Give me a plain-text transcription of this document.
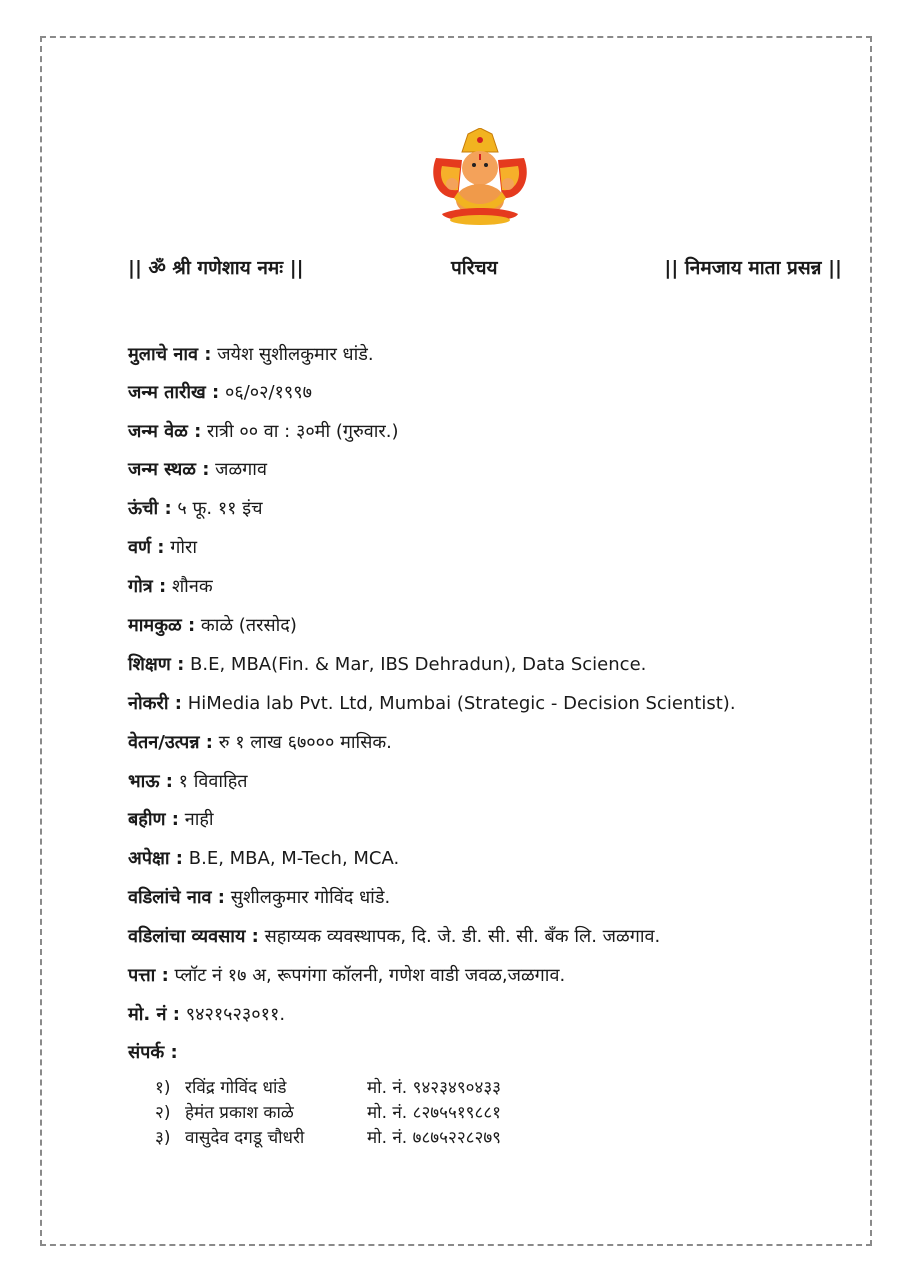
|| ॐ श्री गणेशाय नमः ||	परिचय	|| निमजाय माता प्रसन्न ||
मुलाचे नाव : जयेश सुशीलकुमार धांडे.
जन्म तारीख : ०६/०२/१९९७
जन्म वेळ : रात्री ०० वा : ३०मी (गुरुवार.)
जन्म स्थळ : जळगाव
ऊंची : ५ फू. ११ इंच
वर्ण : गोरा
गोत्र : शौनक
मामकुळ : काळे (तरसोद)
शिक्षण : B.E, MBA(Fin. & Mar, IBS Dehradun), Data Science.
नोकरी : HiMedia lab Pvt. Ltd, Mumbai (Strategic - Decision Scientist).
वेतन/उत्पन्न : रु १ लाख ६७००० मासिक.
भाऊ : १ विवाहित
बहीण : नाही
अपेक्षा : B.E, MBA, M-Tech, MCA.
वडिलांचे नाव : सुशीलकुमार गोविंद धांडे.
वडिलांचा व्यवसाय : सहाय्यक व्यवस्थापक, दि. जे. डी. सी. सी. बँक लि. जळगाव.
पत्ता : प्लॉट नं १७ अ, रूपगंगा कॉलनी, गणेश वाडी जवळ,जळगाव.
मो. नं : ९४२१५२३०११.
संपर्क :
१) रविंद्र गोविंद धांडे	मो. नं. ९४२३४९०४३३
२) हेमंत प्रकाश काळे	मो. नं. ८२७५५१९८८१
३) वासुदेव दगडू चौधरी	मो. नं. ७८७५२२८२७९
